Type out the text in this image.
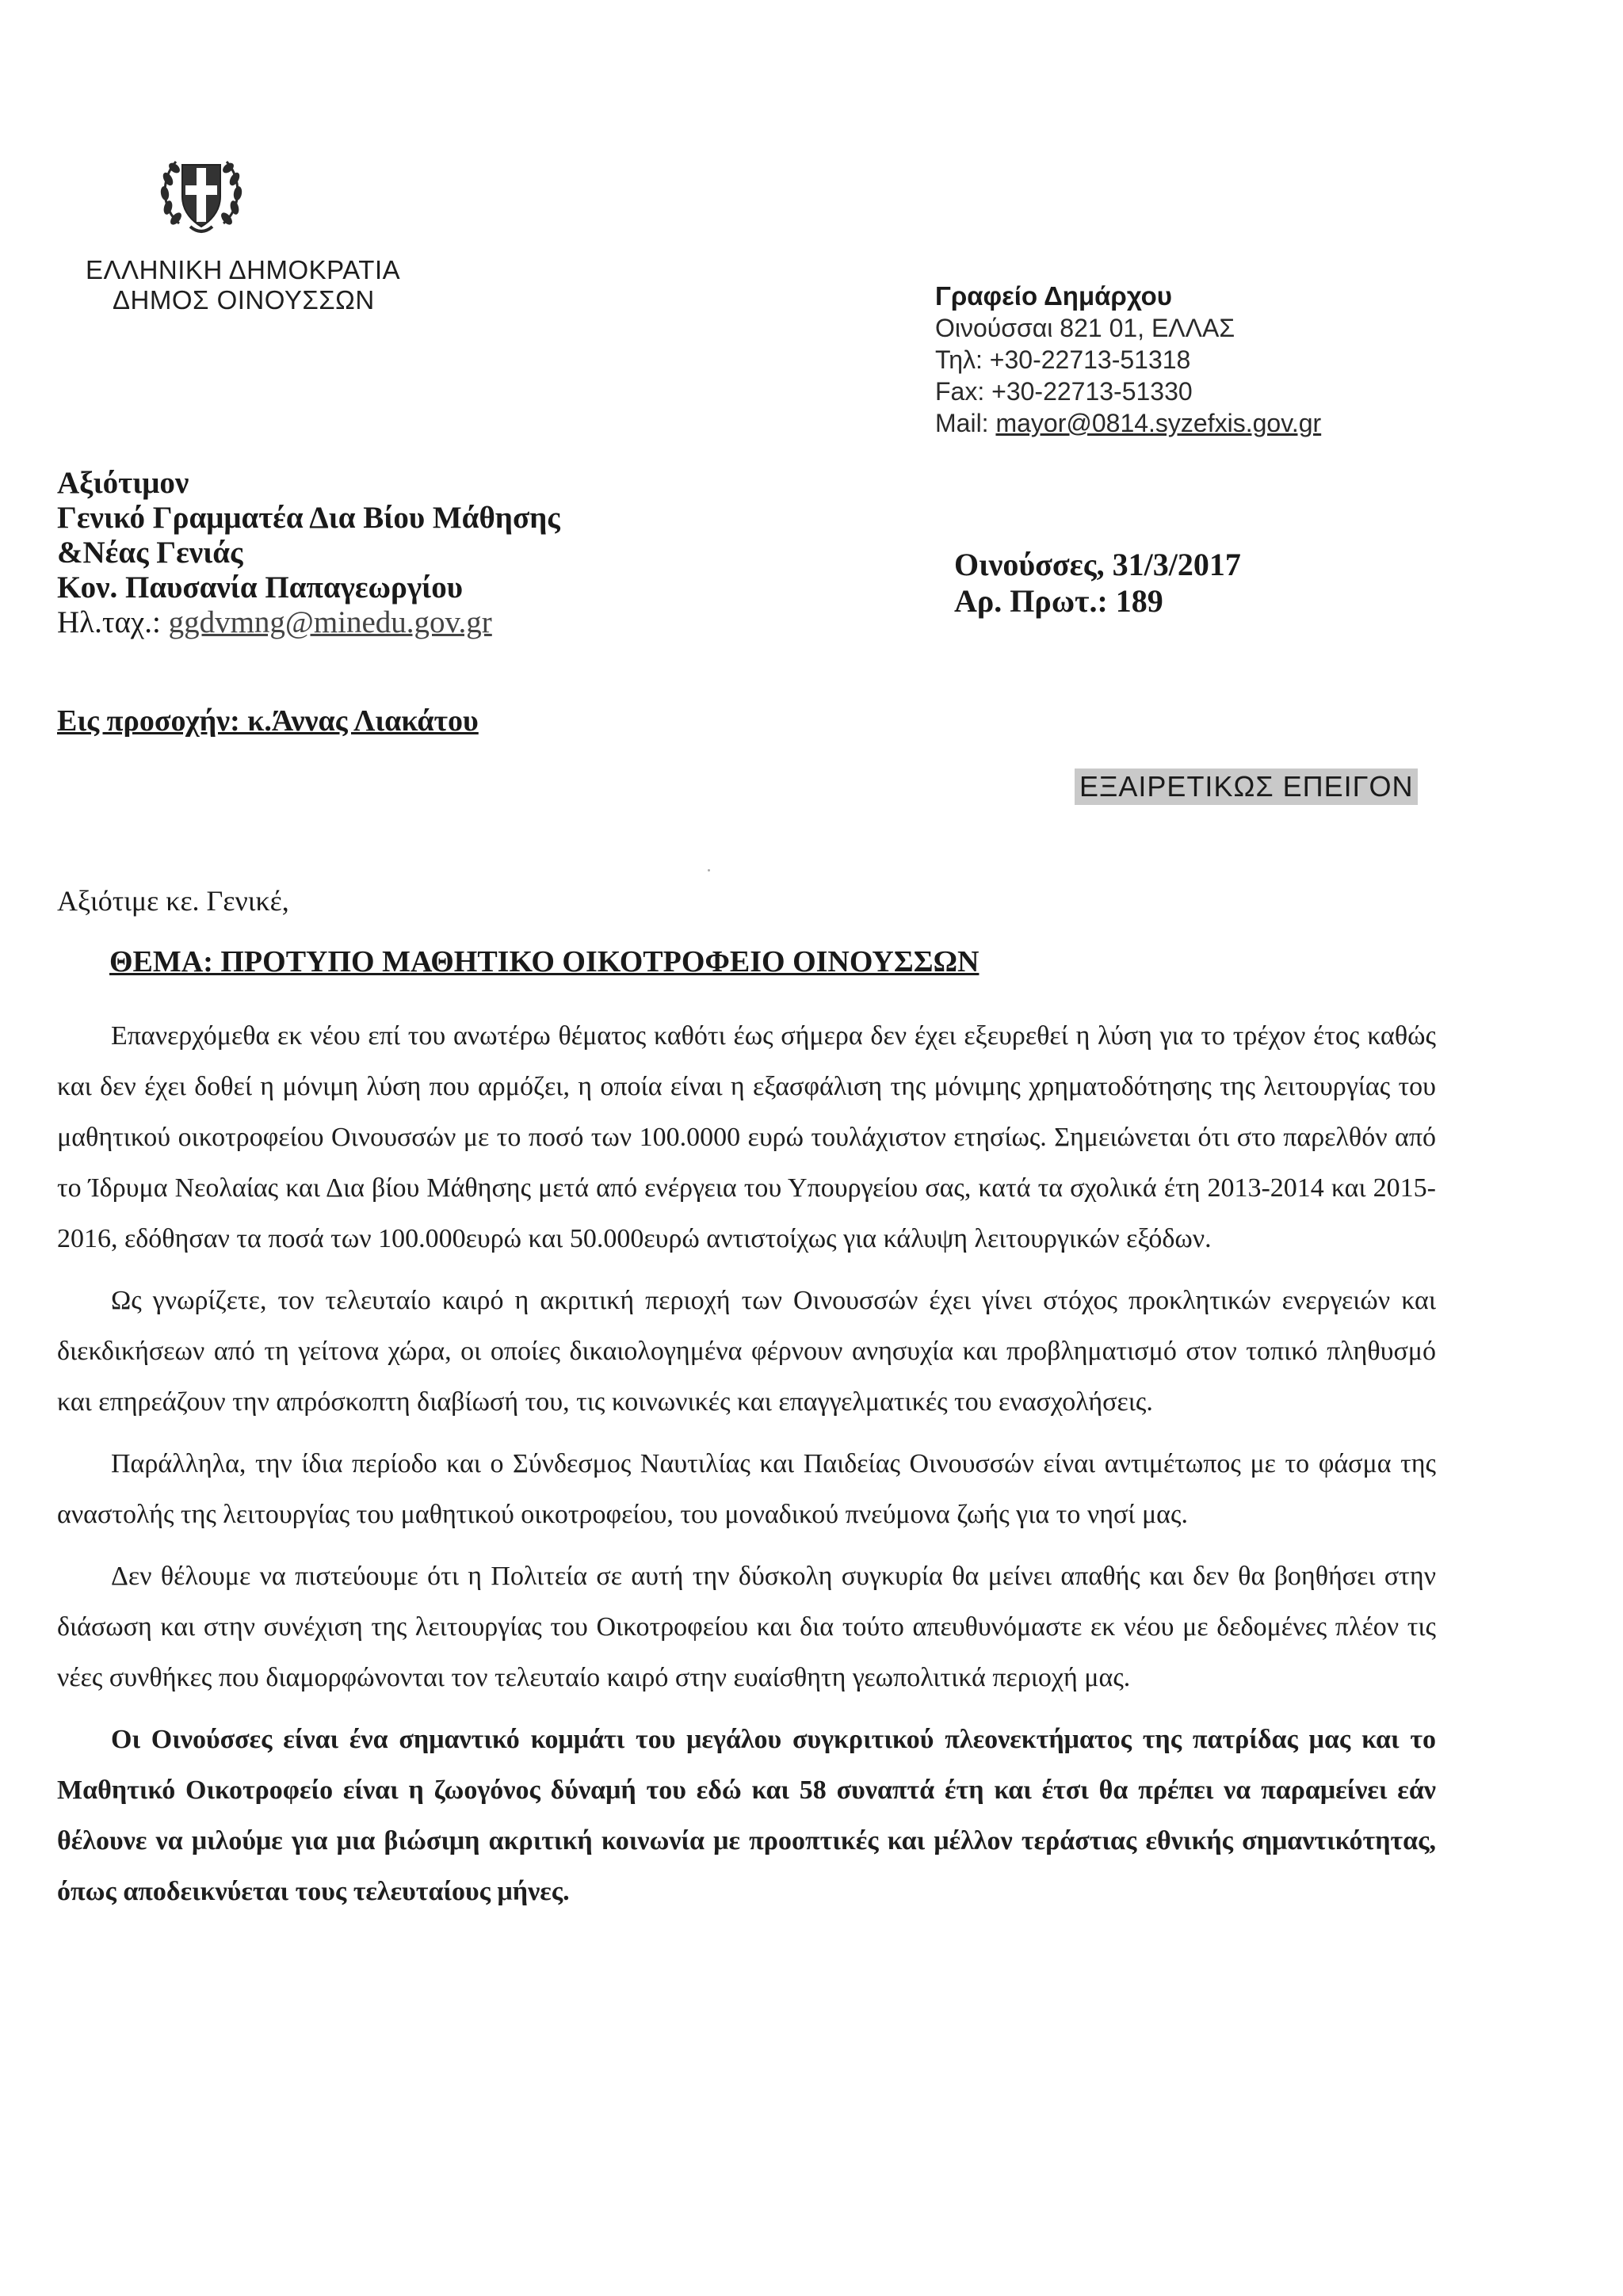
ΕΛΛΗΝΙΚΗ ΔΗΜΟΚΡΑΤΙΑ
ΔΗΜΟΣ ΟΙΝΟΥΣΣΩΝ	Γραφείο Δημάρχου
Οινούσσαι 821 01, ΕΛΛΑΣ
Τηλ: +30-22713-51318
Fax: +30-22713-51330
Mail: mayor@0814.syzefxis.gov.gr
Αξιότιμον
Γενικό Γραμματέα Δια Βίου Μάθησης
&Νέας Γενιάς
Κον. Παυσανία Παπαγεωργίου
Ηλ.ταχ.: ggdvmng@minedu.gov.gr
Οινούσσες, 31/3/2017
Αρ. Πρωτ.: 189
Εις προσοχήν: κ.Άννας Λιακάτου
ΕΞΑΙΡΕΤΙΚΩΣ ΕΠΕΙΓΟΝ
Αξιότιμε κε. Γενικέ,
ΘΕΜΑ: ΠΡΟΤΥΠΟ ΜΑΘΗΤΙΚΟ ΟΙΚΟΤΡΟΦΕΙΟ ΟΙΝΟΥΣΣΩΝ

Επανερχόμεθα εκ νέου επί του ανωτέρω θέματος καθότι έως σήμερα δεν έχει εξευρεθεί η λύση για το τρέχον έτος καθώς και δεν έχει δοθεί η μόνιμη λύση που αρμόζει, η οποία είναι η εξασφάλιση της μόνιμης χρηματοδότησης της λειτουργίας του μαθητικού οικοτροφείου Οινουσσών με το ποσό των 100.0000 ευρώ τουλάχιστον ετησίως. Σημειώνεται ότι στο παρελθόν από το Ίδρυμα Νεολαίας και Δια βίου Μάθησης μετά από ενέργεια του Υπουργείου σας, κατά τα σχολικά έτη 2013-2014 και 2015-2016, εδόθησαν τα ποσά των 100.000ευρώ και 50.000ευρώ αντιστοίχως για κάλυψη λειτουργικών εξόδων.

Ως γνωρίζετε, τον τελευταίο καιρό η ακριτική περιοχή των Οινουσσών έχει γίνει στόχος προκλητικών ενεργειών και διεκδικήσεων από τη γείτονα χώρα, οι οποίες δικαιολογημένα φέρνουν ανησυχία και προβληματισμό στον τοπικό πληθυσμό και επηρεάζουν την απρόσκοπτη διαβίωσή του, τις κοινωνικές και επαγγελματικές του ενασχολήσεις.

Παράλληλα, την ίδια περίοδο και ο Σύνδεσμος Ναυτιλίας και Παιδείας Οινουσσών είναι αντιμέτωπος με το φάσμα της αναστολής της λειτουργίας του μαθητικού οικοτροφείου, του μοναδικού πνεύμονα ζωής για το νησί μας.

Δεν θέλουμε να πιστεύουμε ότι η Πολιτεία σε αυτή την δύσκολη συγκυρία θα μείνει απαθής και δεν θα βοηθήσει στην διάσωση και στην συνέχιση της λειτουργίας του Οικοτροφείου και δια τούτο απευθυνόμαστε εκ νέου με δεδομένες πλέον τις νέες συνθήκες που διαμορφώνονται τον τελευταίο καιρό στην ευαίσθητη γεωπολιτικά περιοχή μας.

Οι Οινούσσες είναι ένα σημαντικό κομμάτι του μεγάλου συγκριτικού πλεονεκτήματος της πατρίδας μας και το Μαθητικό Οικοτροφείο είναι η ζωογόνος δύναμή του εδώ και 58 συναπτά έτη και έτσι θα πρέπει να παραμείνει εάν θέλουνε να μιλούμε για μια βιώσιμη ακριτική κοινωνία με προοπτικές και μέλλον τεράστιας εθνικής σημαντικότητας, όπως αποδεικνύεται τους τελευταίους μήνες.
